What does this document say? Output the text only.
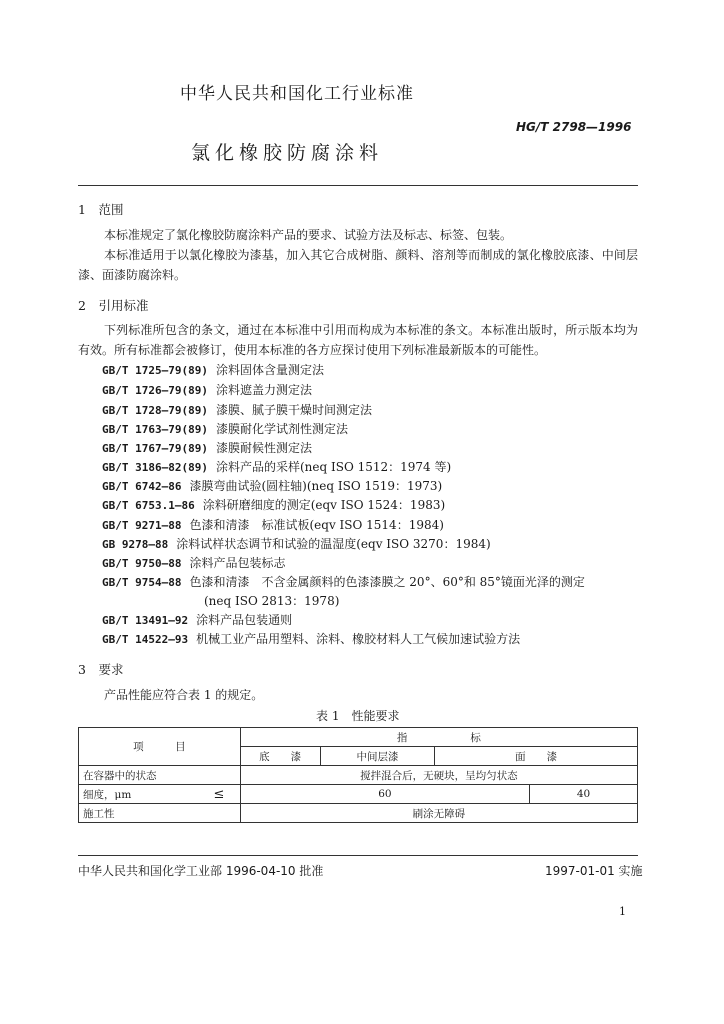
中华人民共和国化工行业标准
HG/T 2798—1996
氯化橡胶防腐涂料
1　范围
本标准规定了氯化橡胶防腐涂料产品的要求、试验方法及标志、标签、包装。
本标准适用于以氯化橡胶为漆基，加入其它合成树脂、颜料、溶剂等而制成的氯化橡胶底漆、中间层漆、面漆防腐涂料。
2　引用标准
下列标准所包含的条文，通过在本标准中引用而构成为本标准的条文。本标准出版时，所示版本均为有效。所有标准都会被修订，使用本标准的各方应探讨使用下列标准最新版本的可能性。
GB/T 1725—79(89) 涂料固体含量测定法
GB/T 1726—79(89) 涂料遮盖力测定法
GB/T 1728—79(89) 漆膜、腻子膜干燥时间测定法
GB/T 1763—79(89) 漆膜耐化学试剂性测定法
GB/T 1767—79(89) 漆膜耐候性测定法
GB/T 3186—82(89) 涂料产品的采样(neq ISO 1512：1974 等)
GB/T 6742—86 漆膜弯曲试验(圆柱轴)(neq ISO 1519：1973)
GB/T 6753.1—86 涂料研磨细度的测定(eqv ISO 1524：1983)
GB/T 9271—88 色漆和清漆　标准试板(eqv ISO 1514：1984)
GB 9278—88 涂料试样状态调节和试验的温湿度(eqv ISO 3270：1984)
GB/T 9750—88 涂料产品包装标志
GB/T 9754—88 色漆和清漆　不含金属颜料的色漆漆膜之 20°、60°和 85°镜面光泽的测定
(neq ISO 2813：1978)
GB/T 13491—92 涂料产品包装通则
GB/T 14522—93 机械工业产品用塑料、涂料、橡胶材料人工气候加速试验方法
3　要求
产品性能应符合表 1 的规定。
表 1　性能要求
项　　　目		指　　　　　　标			
		底　　漆	中间层漆	面　　漆	
在容器中的状态		搅拌混合后，无硬块，呈均匀状态			
细度，μm	≤	60			40
施工性		刷涂无障碍			
中华人民共和国化学工业部 1996-04-10 批准	1997-01-01 实施
1
